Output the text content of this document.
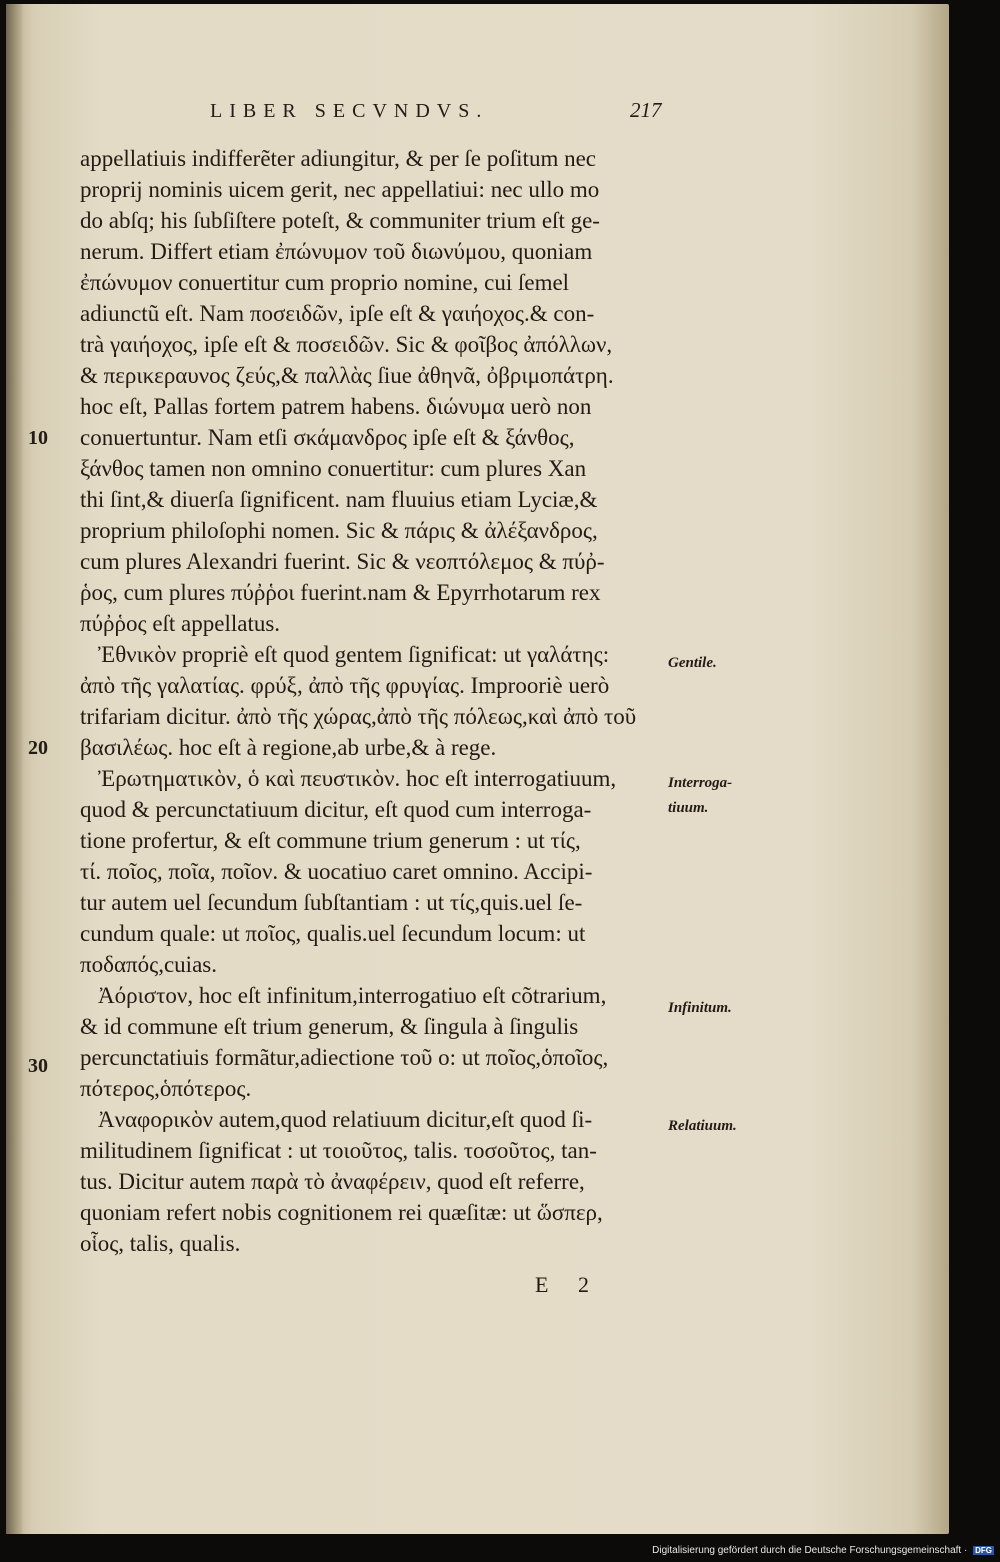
LIBER SECVNDVS.	217
appellatiuis indifferẽter adiungitur, & per ſe poſitum nec
proprij nominis uicem gerit, nec appellatiui: nec ullo mo
do abſq; his ſubſiſtere poteſt, & communiter trium eſt ge-
nerum. Differt etiam ἐπώνυμον τοῦ διωνύμου, quoniam
ἐπώνυμον conuertitur cum proprio nomine, cui ſemel
adiunctũ eſt. Nam ποσειδῶν, ipſe eſt & γαιήοχος.& con-
trà γαιήοχος, ipſe eſt & ποσειδῶν. Sic & φοῖβος ἀπόλλων,
& περικεραυνος ζεύς,& παλλὰς ſiue ἀθηνᾶ, ὀβριμοπάτρη.
hoc eſt, Pallas fortem patrem habens. διώνυμα uerò non
conuertuntur. Nam etſi σκάμανδρος ipſe eſt & ξάνθος,
ξάνθος tamen non omnino conuertitur: cum plures Xan
thi ſint,& diuerſa ſignificent. nam fluuius etiam Lyciæ,&
proprium philoſophi nomen. Sic & πάρις & ἀλέξανδρος,
cum plures Alexandri fuerint. Sic & νεοπτόλεμος & πύῤ-
ῥος, cum plures πύῤῥοι fuerint.nam & Epyrrhotarum rex
πύῤῥος eſt appellatus.
Ἐθνικὸν propriè eſt quod gentem ſignificat: ut γαλάτης:
ἀπὸ τῆς γαλατίας. φρύξ, ἀπὸ τῆς φρυγίας. Improoriè uerò
trifariam dicitur. ἀπὸ τῆς χώρας,ἀπὸ τῆς πόλεως,καὶ ἀπὸ τοῦ
βασιλέως. hoc eſt à regione,ab urbe,& à rege.
Ἐρωτηματικὸν, ὁ καὶ πευστικὸν. hoc eſt interrogatiuum,
quod & percunctatiuum dicitur, eſt quod cum interroga-
tione profertur, & eſt commune trium generum : ut τίς,
τί. ποῖος, ποῖα, ποῖον. & uocatiuo caret omnino. Accipi-
tur autem uel ſecundum ſubſtantiam : ut τίς,quis.uel ſe-
cundum quale: ut ποῖος, qualis.uel ſecundum locum: ut
ποδαπός,cuias.
Ἀόριστον, hoc eſt infinitum,interrogatiuo eſt cõtrarium,
& id commune eſt trium generum, & ſingula à ſingulis
percunctatiuis formãtur,adiectione τοῦ ο: ut ποῖος,ὁποῖος,
πότερος,ὁπότερος.
Ἀναφορικὸν autem,quod relatiuum dicitur,eſt quod ſi-
militudinem ſignificat : ut τοιοῦτος, talis. τοσοῦτος, tan-
tus. Dicitur autem παρὰ τὸ ἀναφέρειν, quod eſt referre,
quoniam refert nobis cognitionem rei quæſitæ: ut ὥσπερ,
οἷος, talis, qualis.
10
20
30
Gentile.
Interroga-
tiuum.
Infinitum.
Relatiuum.
E 2
Digitalisierung gefördert durch die Deutsche Forschungsgemeinschaft · DFG
